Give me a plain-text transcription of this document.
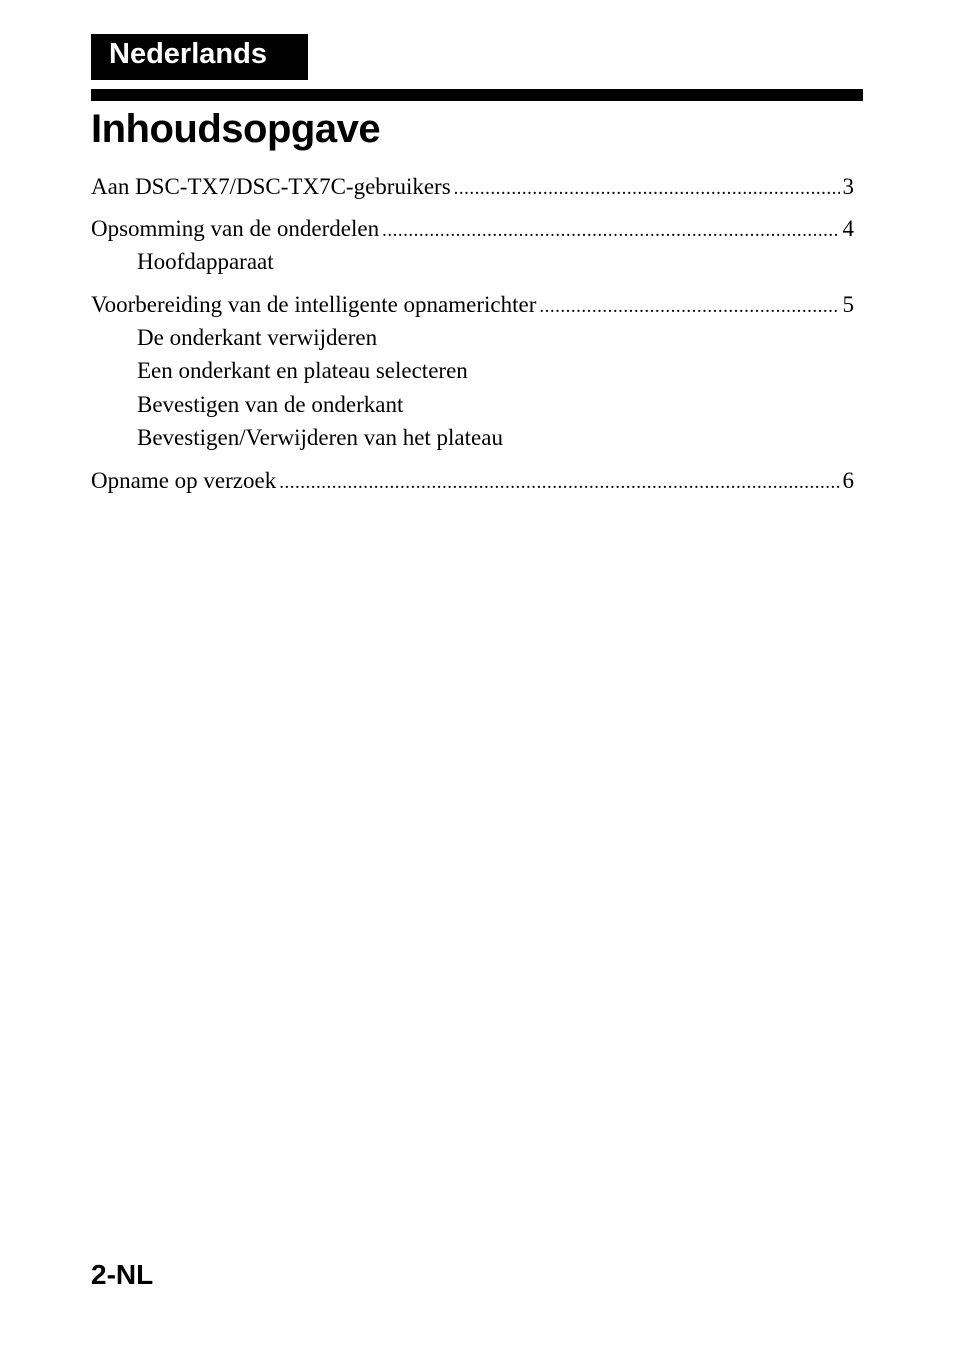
Nederlands
Inhoudsopgave
Aan DSC-TX7/DSC-TX7C-gebruikers .....	3
Opsomming van de onderdelen .....	4
Hoofdapparaat
Voorbereiding van de intelligente opnamerichter .....	5
De onderkant verwijderen
Een onderkant en plateau selecteren
Bevestigen van de onderkant
Bevestigen/Verwijderen van het plateau
Opname op verzoek .....	6
2-NL
